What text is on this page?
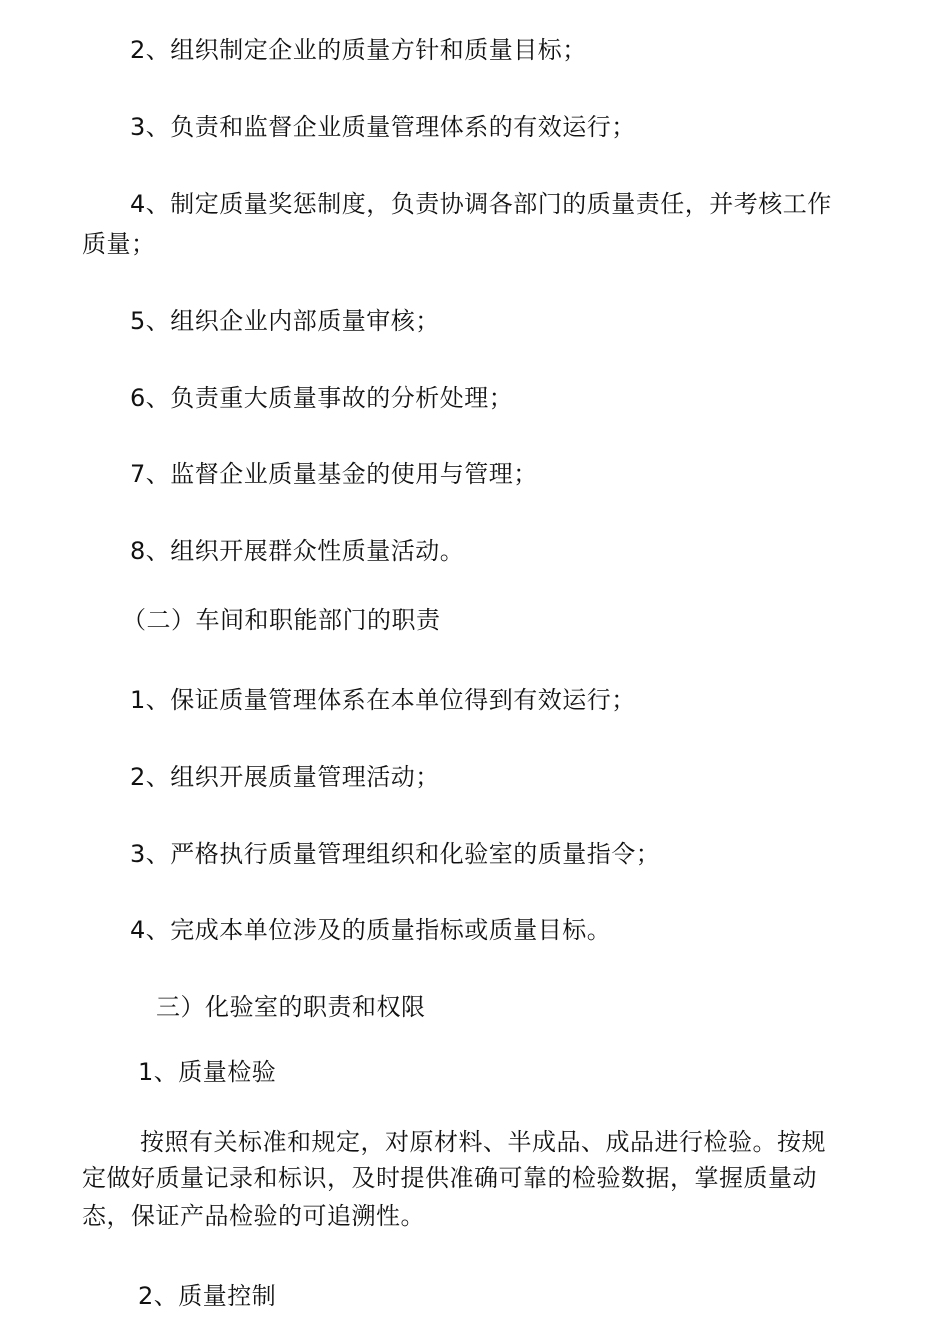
2、组织制定企业的质量方针和质量目标；
3、负责和监督企业质量管理体系的有效运行；
4、制定质量奖惩制度，负责协调各部门的质量责任，并考核工作
质量；
5、组织企业内部质量审核；
6、负责重大质量事故的分析处理；
7、监督企业质量基金的使用与管理；
8、组织开展群众性质量活动。
（二）车间和职能部门的职责
1、保证质量管理体系在本单位得到有效运行；
2、组织开展质量管理活动；
3、严格执行质量管理组织和化验室的质量指令；
4、完成本单位涉及的质量指标或质量目标。
三）化验室的职责和权限
1、质量检验
按照有关标准和规定，对原材料、半成品、成品进行检验。按规
定做好质量记录和标识，及时提供准确可靠的检验数据，掌握质量动
态，保证产品检验的可追溯性。
2、质量控制
